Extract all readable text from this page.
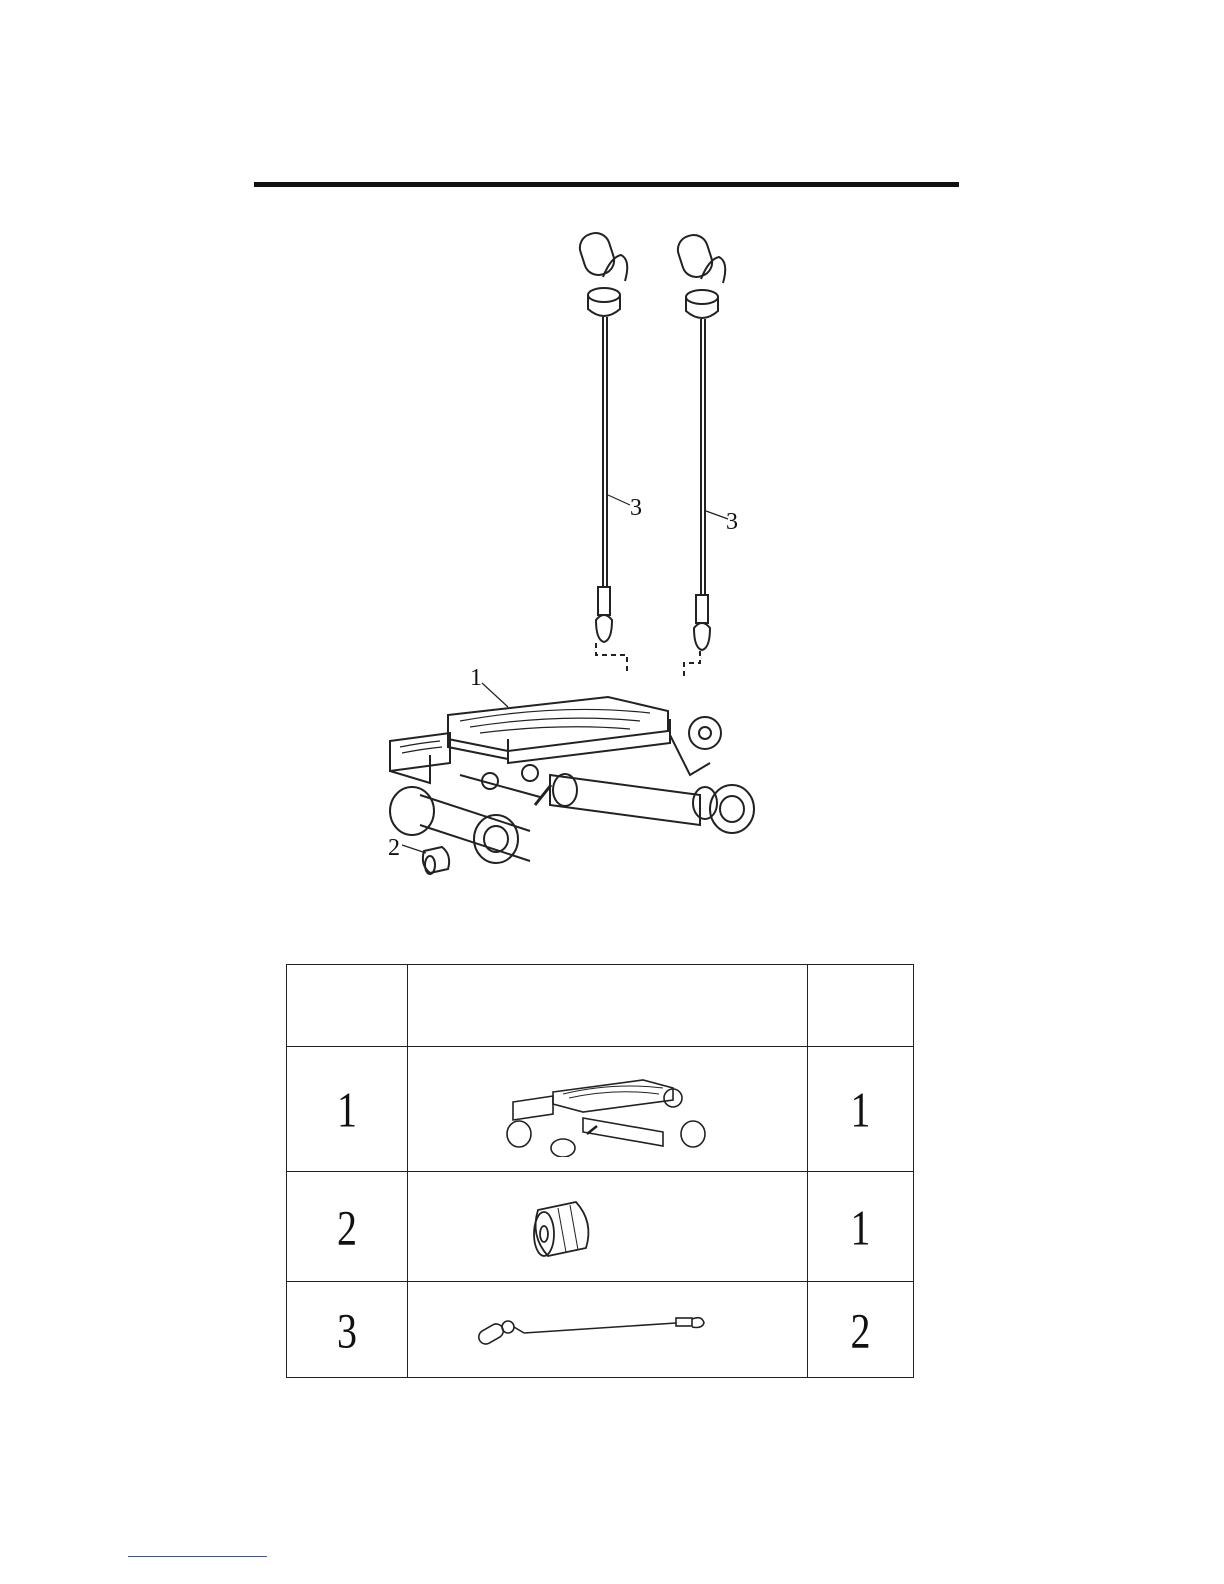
1
2
3
3

1		1
2		1
3		2
